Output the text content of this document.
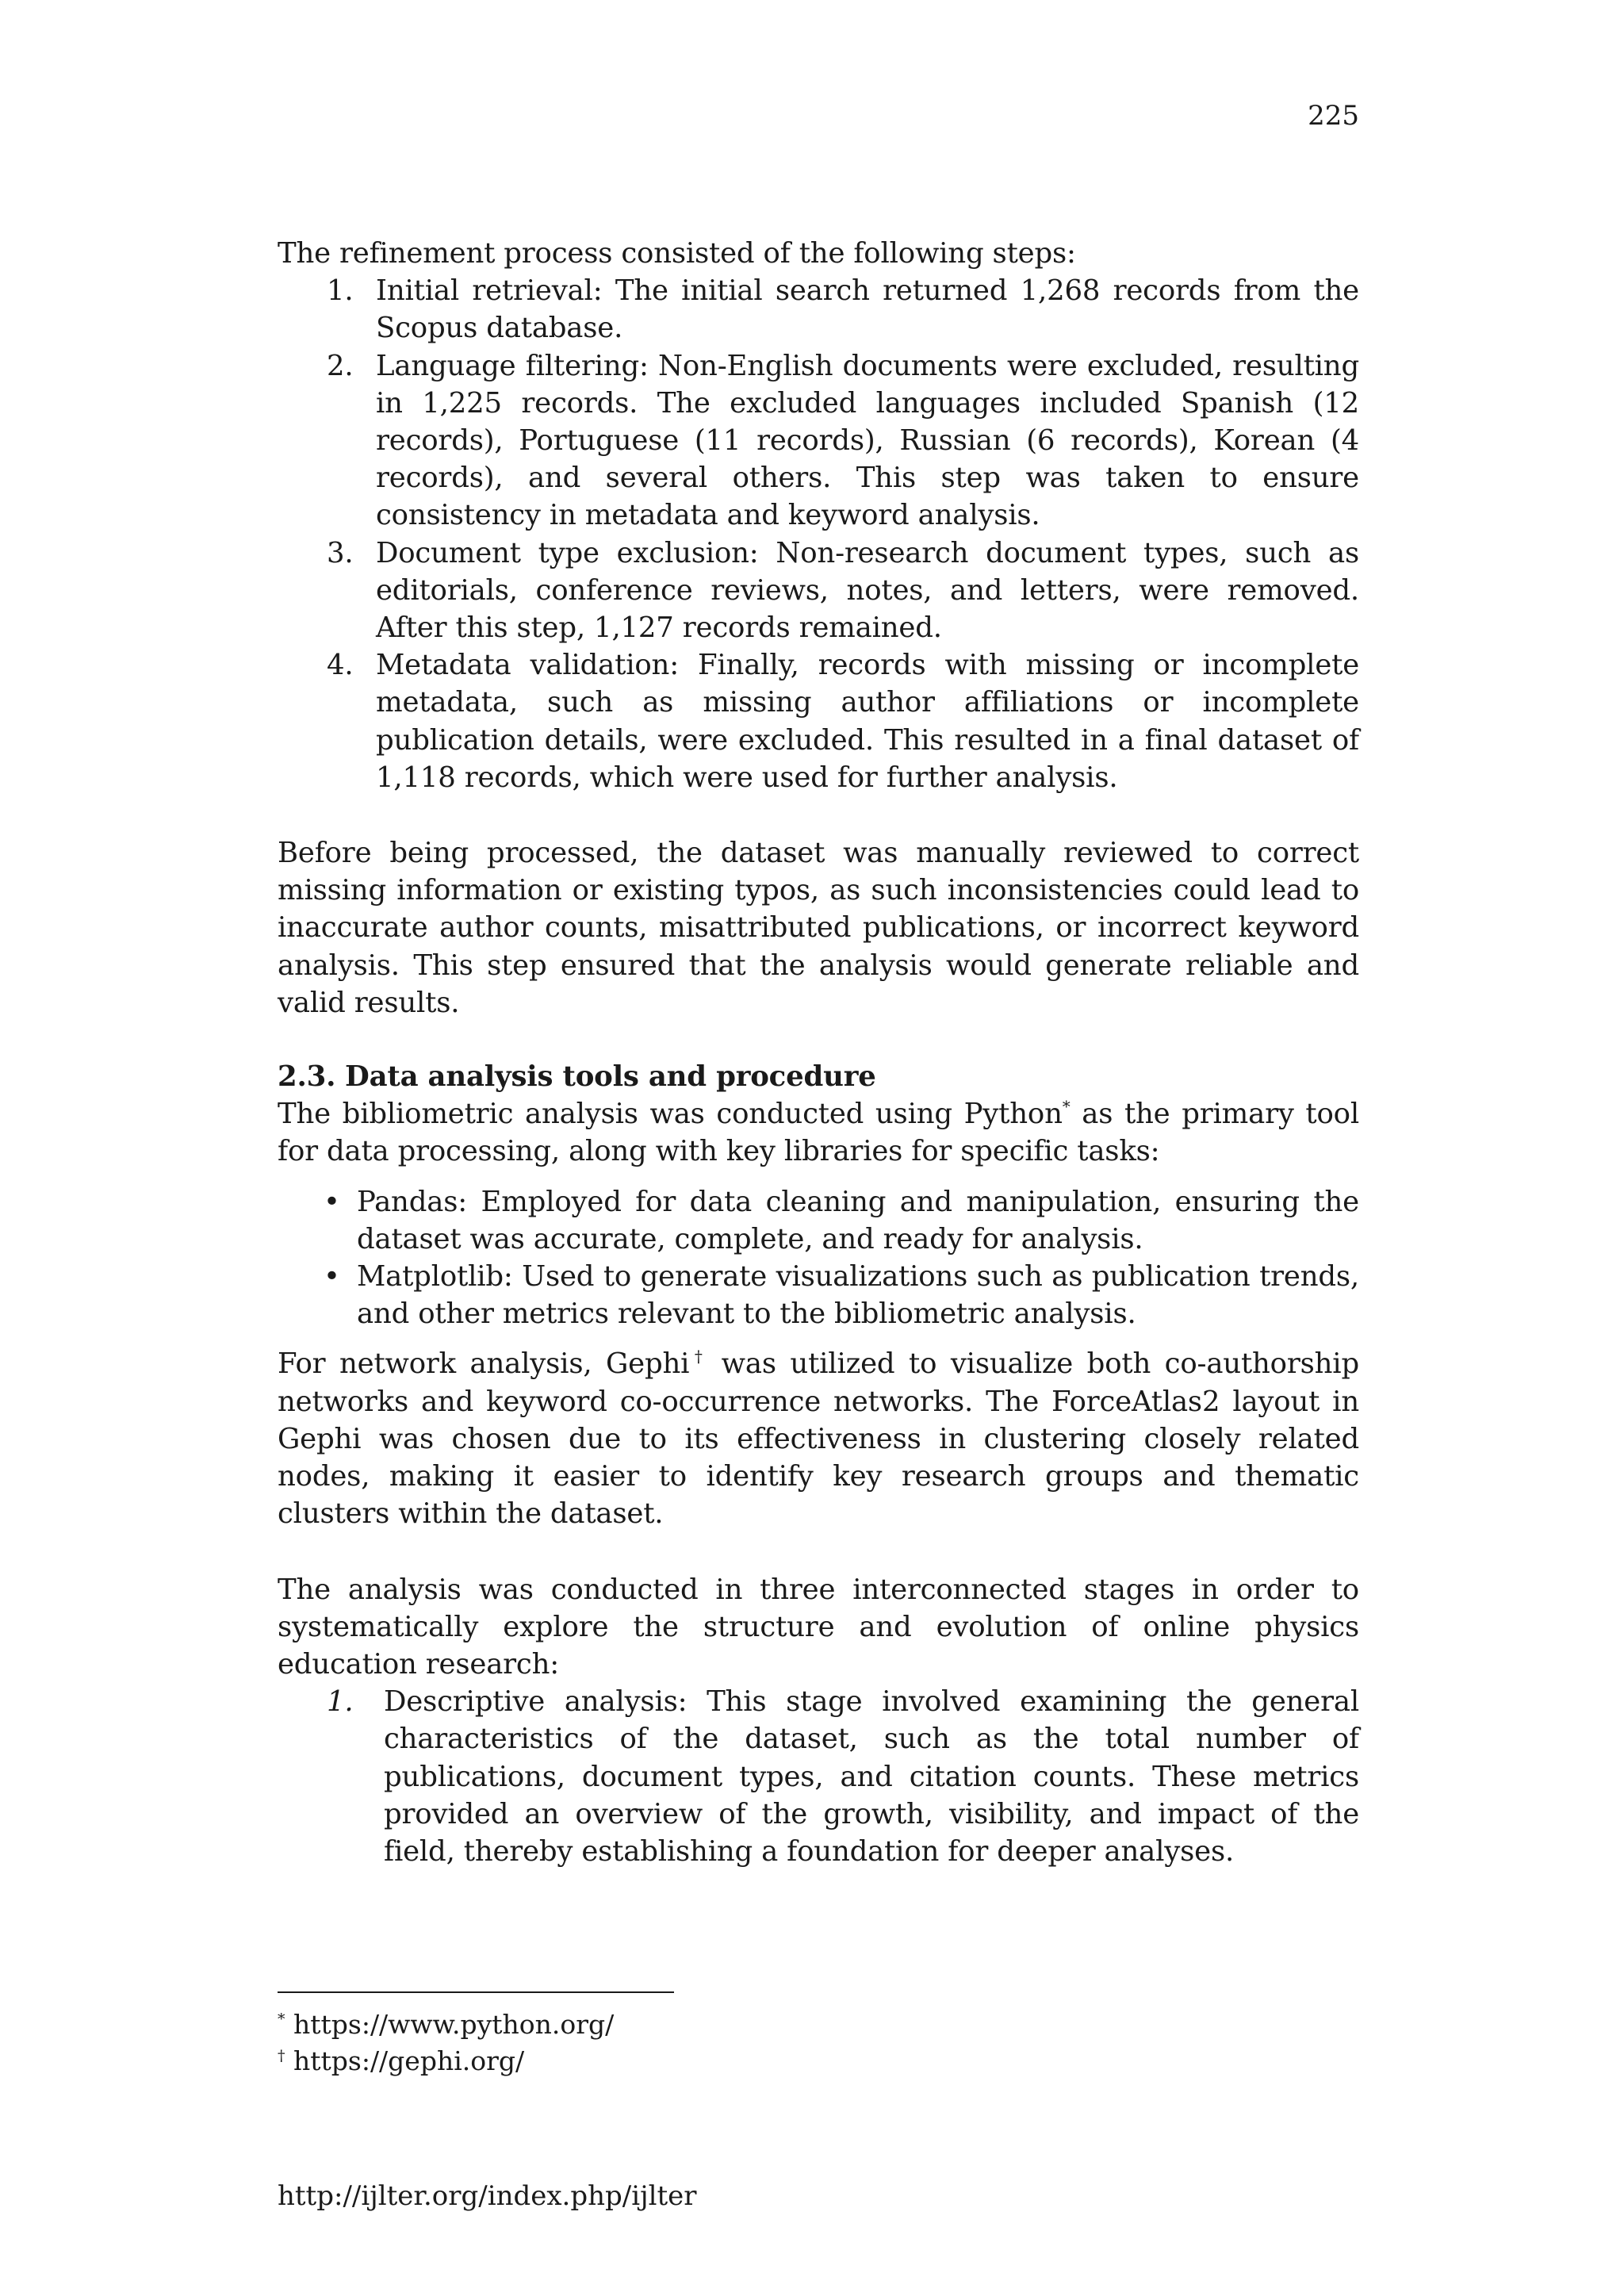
225

The refinement process consisted of the following steps:

1. Initial retrieval: The initial search returned 1,268 records from the Scopus database.
2. Language filtering: Non-English documents were excluded, resulting in 1,225 records. The excluded languages included Spanish (12 records), Portuguese (11 records), Russian (6 records), Korean (4 records), and several others. This step was taken to ensure consistency in metadata and keyword analysis.
3. Document type exclusion: Non-research document types, such as editorials, conference reviews, notes, and letters, were removed. After this step, 1,127 records remained.
4. Metadata validation: Finally, records with missing or incomplete metadata, such as missing author affiliations or incomplete publication details, were excluded. This resulted in a final dataset of 1,118 records, which were used for further analysis.

Before being processed, the dataset was manually reviewed to correct missing information or existing typos, as such inconsistencies could lead to inaccurate author counts, misattributed publications, or incorrect keyword analysis. This step ensured that the analysis would generate reliable and valid results.

2.3. Data analysis tools and procedure

The bibliometric analysis was conducted using Python* as the primary tool for data processing, along with key libraries for specific tasks:

• Pandas: Employed for data cleaning and manipulation, ensuring the dataset was accurate, complete, and ready for analysis.
• Matplotlib: Used to generate visualizations such as publication trends, and other metrics relevant to the bibliometric analysis.

For network analysis, Gephi† was utilized to visualize both co-authorship networks and keyword co-occurrence networks. The ForceAtlas2 layout in Gephi was chosen due to its effectiveness in clustering closely related nodes, making it easier to identify key research groups and thematic clusters within the dataset.

The analysis was conducted in three interconnected stages in order to systematically explore the structure and evolution of online physics education research:

1. Descriptive analysis: This stage involved examining the general characteristics of the dataset, such as the total number of publications, document types, and citation counts. These metrics provided an overview of the growth, visibility, and impact of the field, thereby establishing a foundation for deeper analyses.
* https://www.python.org/
† https://gephi.org/
http://ijlter.org/index.php/ijlter
